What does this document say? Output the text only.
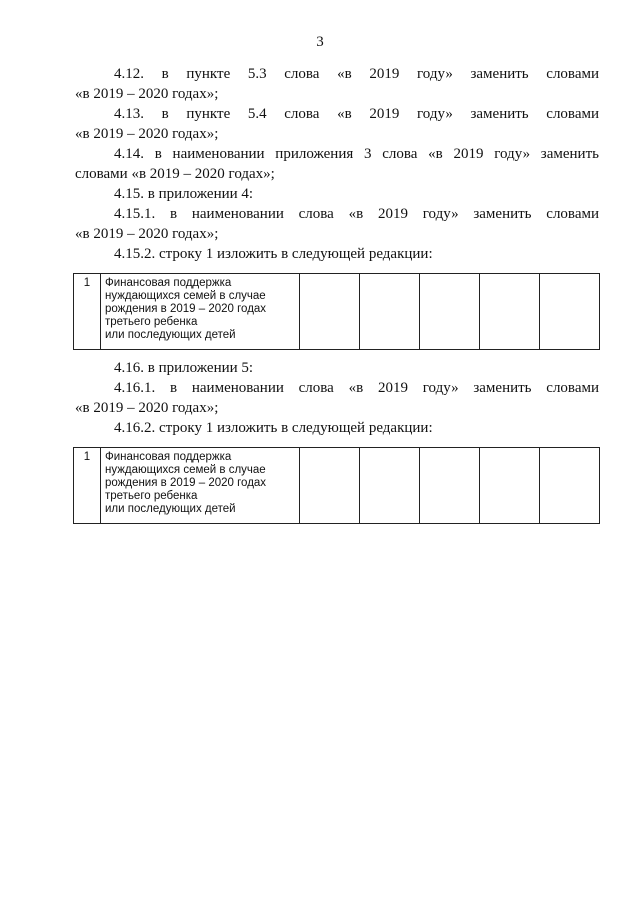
3

4.12. в пункте 5.3 слова «в 2019 году» заменить словами

«в 2019 – 2020 годах»;

4.13. в пункте 5.4 слова «в 2019 году» заменить словами

«в 2019 – 2020 годах»;

4.14. в наименовании приложения 3 слова «в 2019 году» заменить

словами «в 2019 – 2020 годах»;

4.15. в приложении 4:

4.15.1. в наименовании слова «в 2019 году» заменить словами

«в 2019 – 2020 годах»;

4.15.2. строку 1 изложить в следующей редакции:

1	Финансовая поддержка
нуждающихся семей в случае
рождения в 2019 – 2020 годах
третьего ребенка
или последующих детей

4.16. в приложении 5:

4.16.1. в наименовании слова «в 2019 году» заменить словами

«в 2019 – 2020 годах»;

4.16.2. строку 1 изложить в следующей редакции:

1	Финансовая поддержка
нуждающихся семей в случае
рождения в 2019 – 2020 годах
третьего ребенка
или последующих детей
